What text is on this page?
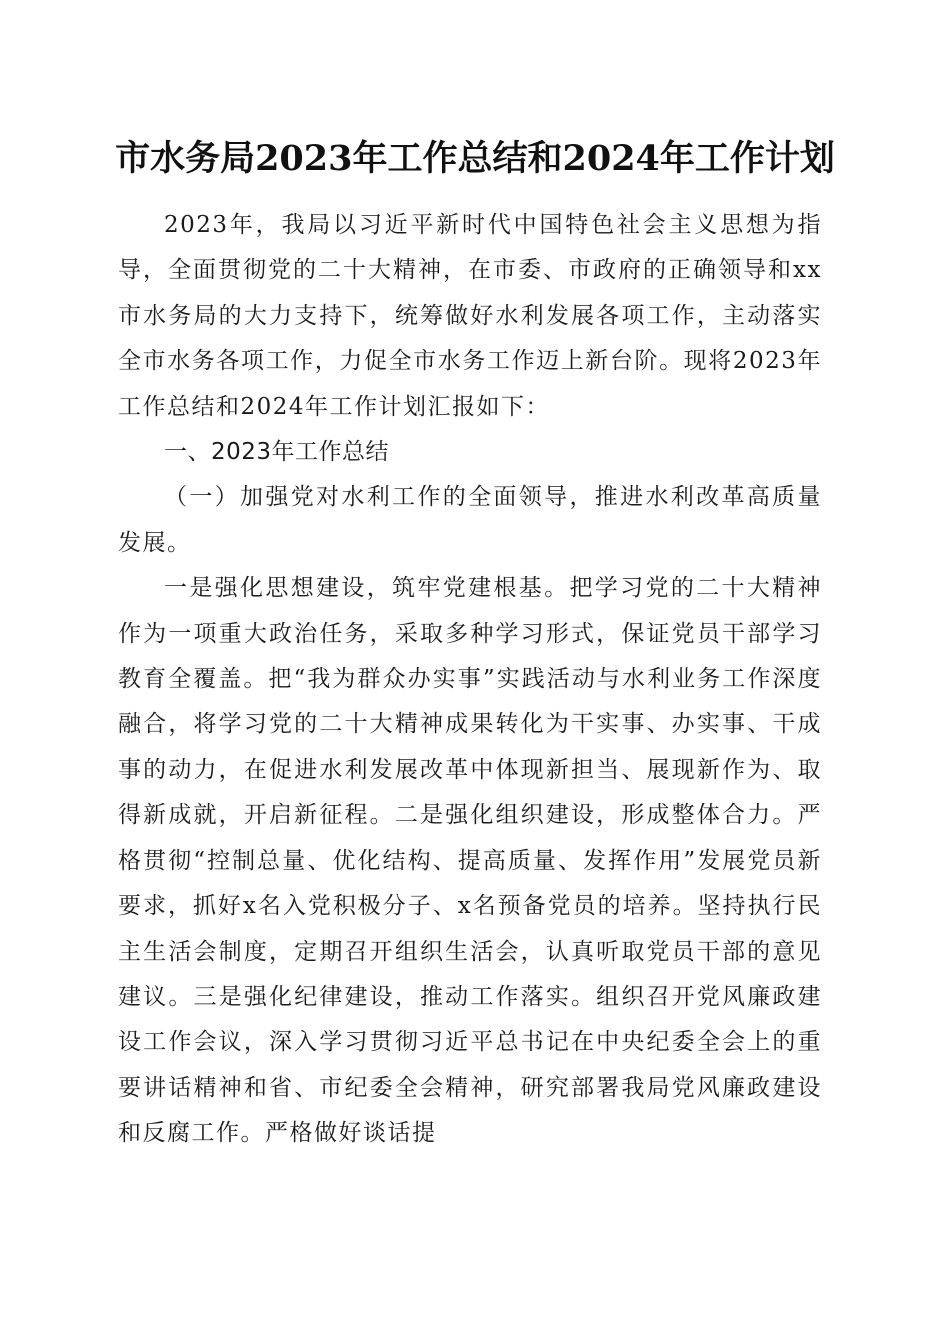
市水务局2023年工作总结和2024年工作计划

2023年，我局以习近平新时代中国特色社会主义思想为指导，全面贯彻党的二十大精神，在市委、市政府的正确领导和xx市水务局的大力支持下，统筹做好水利发展各项工作，主动落实全市水务各项工作，力促全市水务工作迈上新台阶。现将2023年工作总结和2024年工作计划汇报如下：

一、2023年工作总结

（一）加强党对水利工作的全面领导，推进水利改革高质量发展。

一是强化思想建设，筑牢党建根基。把学习党的二十大精神作为一项重大政治任务，采取多种学习形式，保证党员干部学习教育全覆盖。把“我为群众办实事”实践活动与水利业务工作深度融合，将学习党的二十大精神成果转化为干实事、办实事、干成事的动力，在促进水利发展改革中体现新担当、展现新作为、取得新成就，开启新征程。二是强化组织建设，形成整体合力。严格贯彻“控制总量、优化结构、提高质量、发挥作用”发展党员新要求，抓好x名入党积极分子、x名预备党员的培养。坚持执行民主生活会制度，定期召开组织生活会，认真听取党员干部的意见建议。三是强化纪律建设，推动工作落实。组织召开党风廉政建设工作会议，深入学习贯彻习近平总书记在中央纪委全会上的重要讲话精神和省、市纪委全会精神，研究部署我局党风廉政建设和反腐工作。严格做好谈话提
